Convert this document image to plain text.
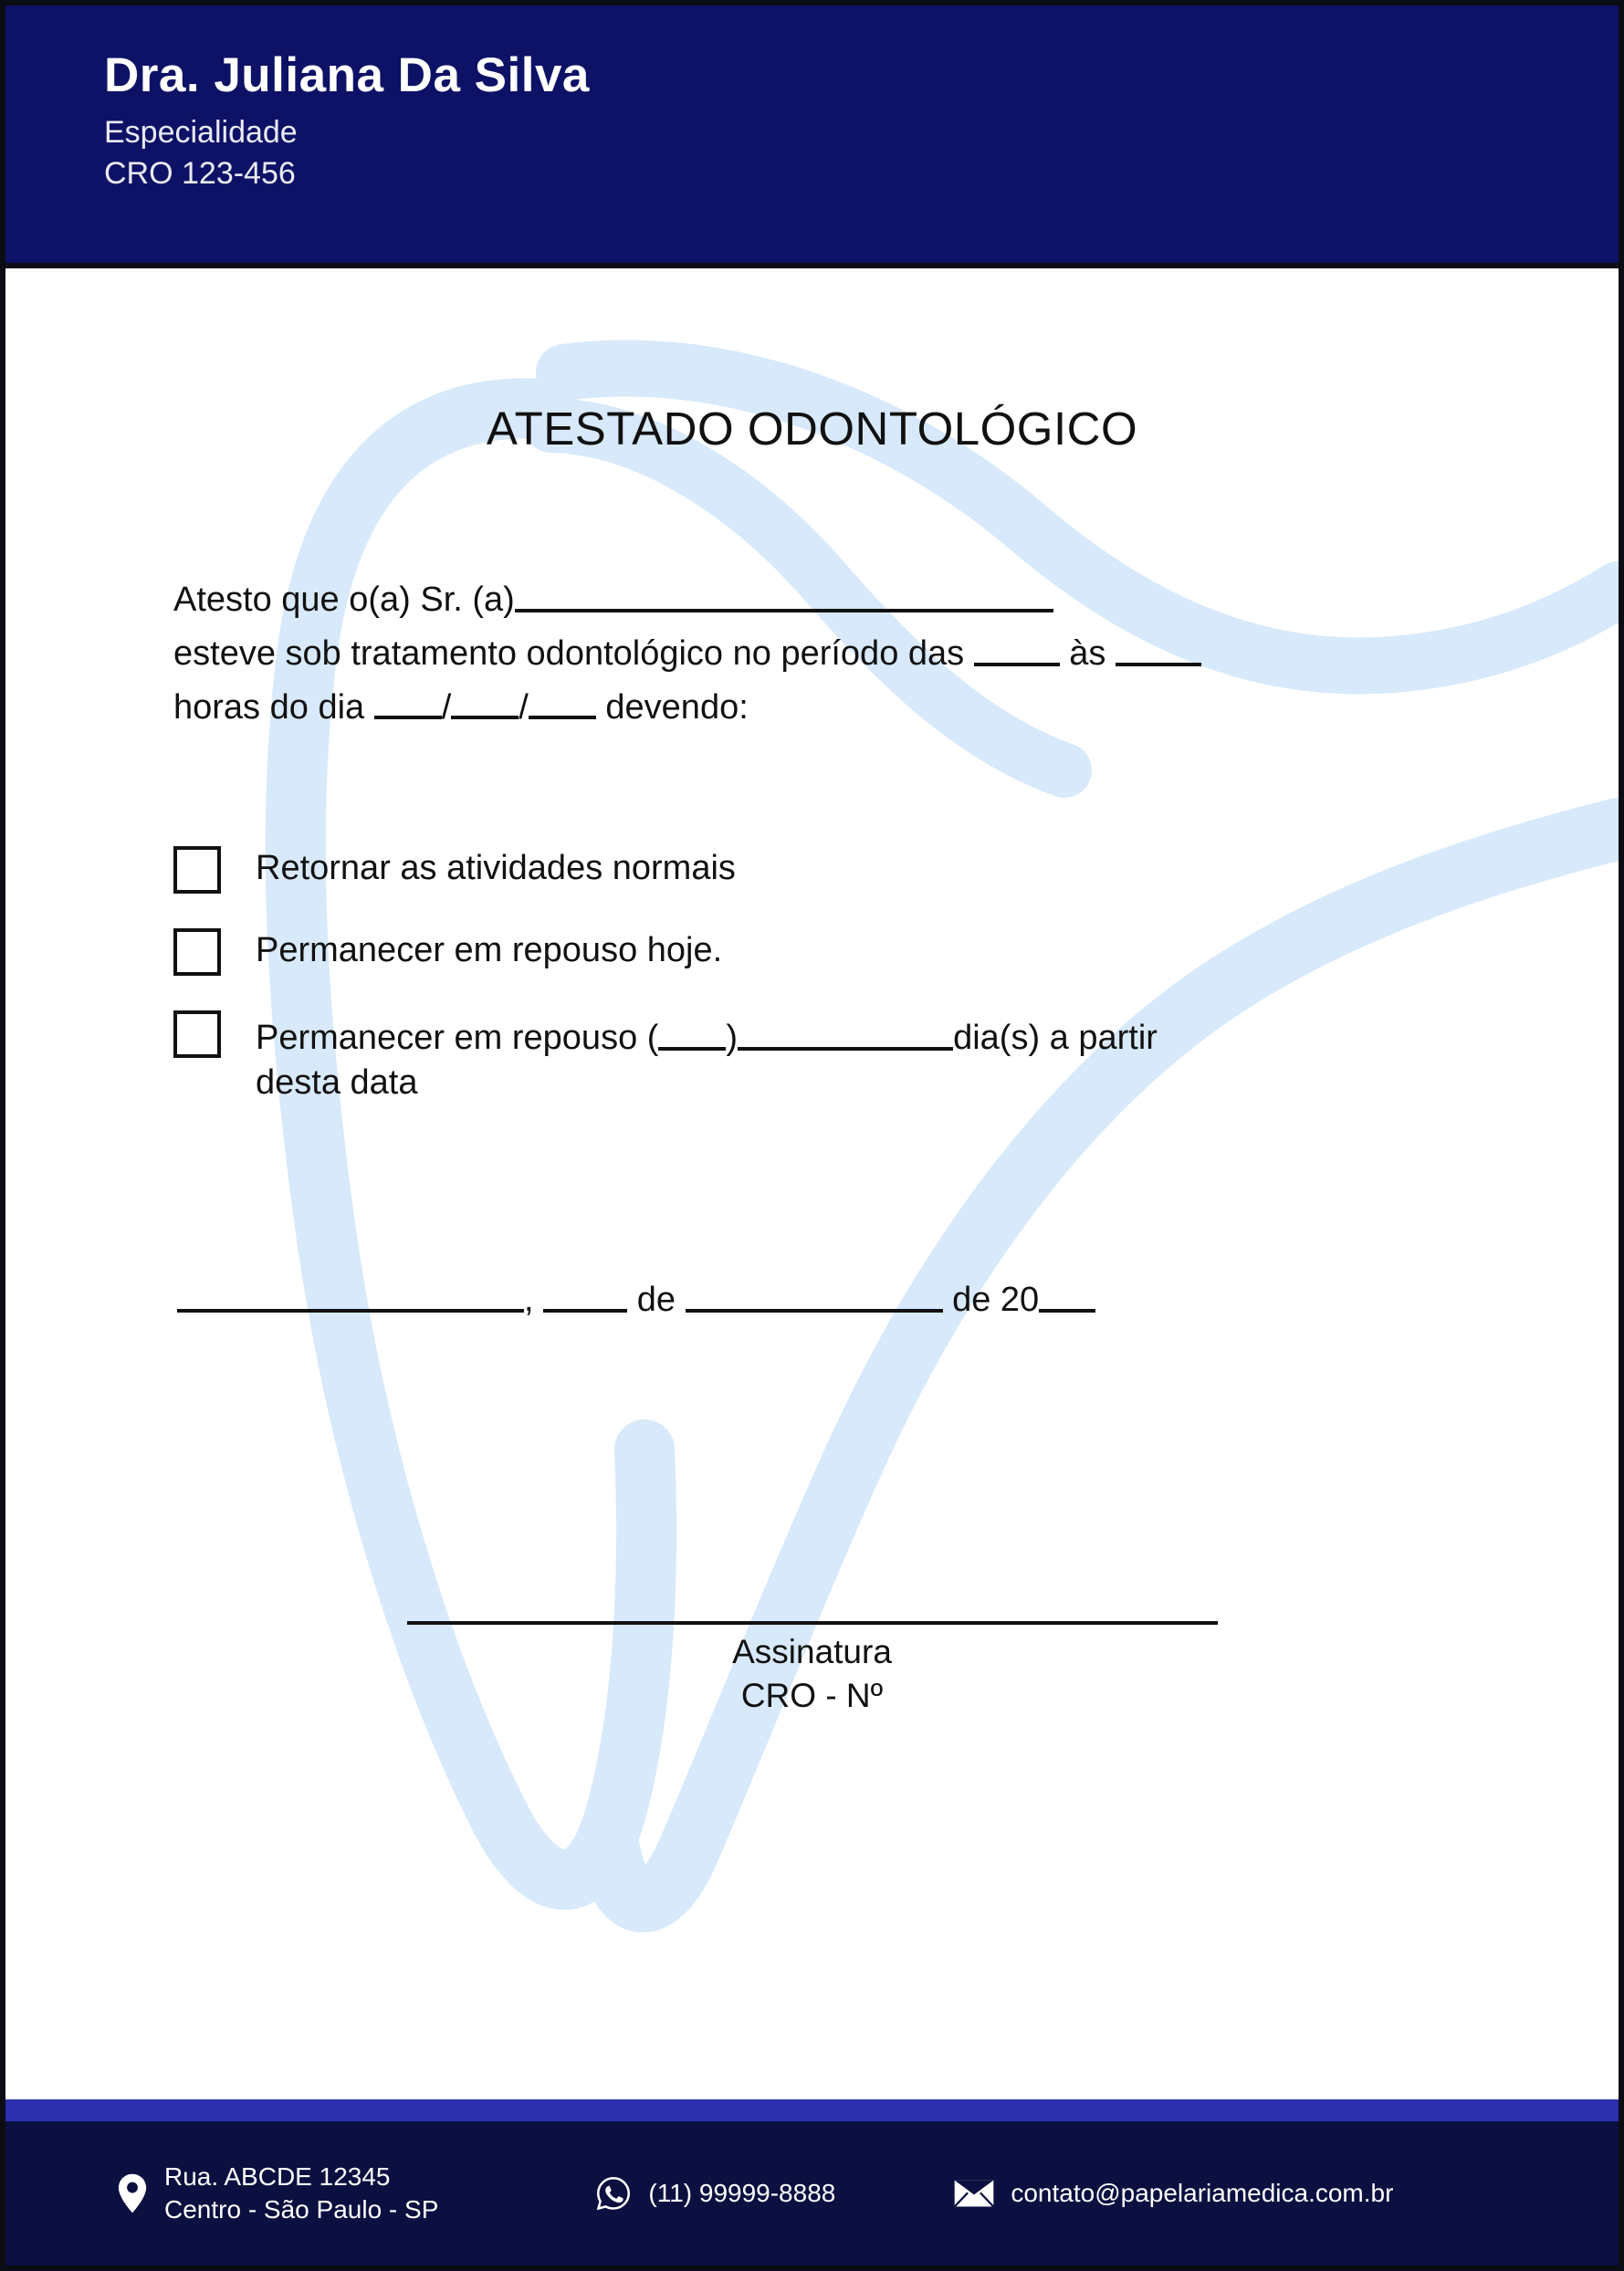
Dra. Juliana Da Silva
Especialidade
CRO 123-456
ATESTADO ODONTOLÓGICO
Atesto que o(a) Sr. (a)
esteve sob tratamento odontológico no período das	às
horas do dia / / devendo:
Retornar as atividades normais
Permanecer em repouso hoje.
Permanecer em repouso ( )	dia(s) a partir
desta data
,	de	de 20
Assinatura
CRO - Nº
Rua. ABCDE 12345
Centro - São Paulo - SP
(11) 99999-8888	contato@papelariamedica.com.br
